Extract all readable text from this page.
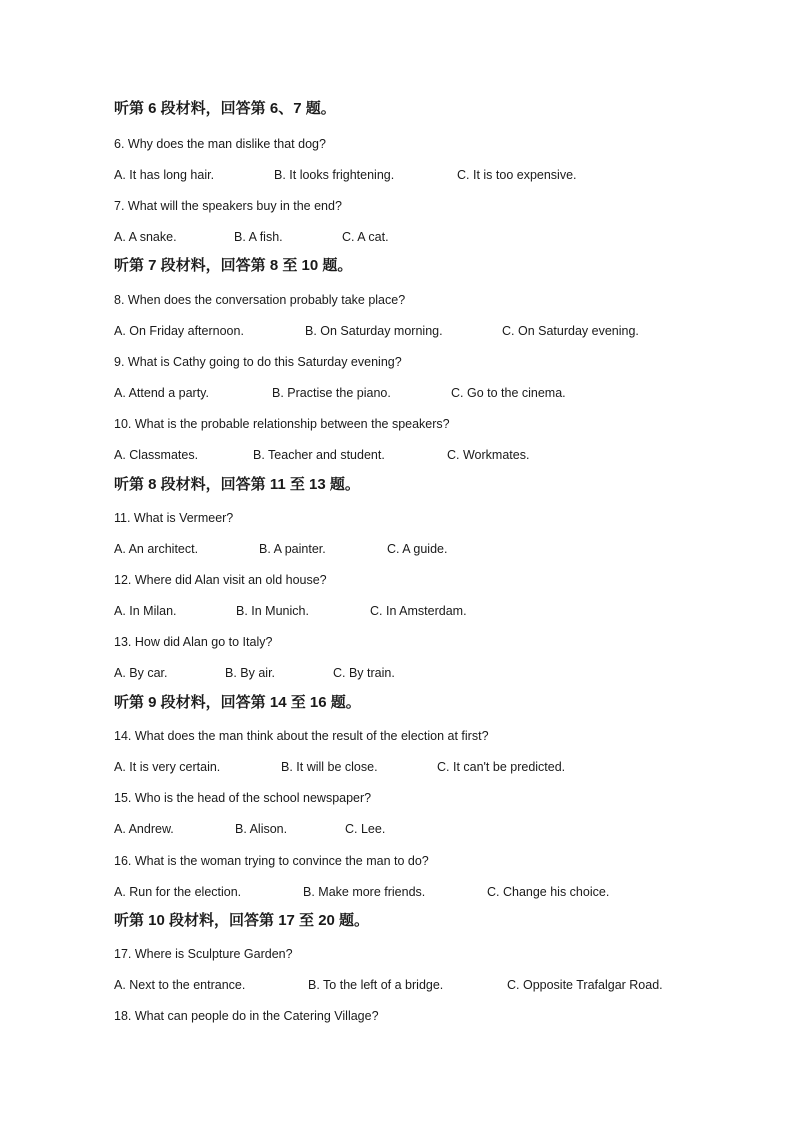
听第 6 段材料，回答第 6、7 题。
6. Why does the man dislike that dog?
A. It has long hair.	B. It looks frightening.	C. It is too expensive.
7. What will the speakers buy in the end?
A. A snake.	B. A fish.	C. A cat.
听第 7 段材料，回答第 8 至 10 题。
8. When does the conversation probably take place?
A. On Friday afternoon.	B. On Saturday morning.	C. On Saturday evening.
9. What is Cathy going to do this Saturday evening?
A. Attend a party.	B. Practise the piano.	C. Go to the cinema.
10. What is the probable relationship between the speakers?
A. Classmates.	B. Teacher and student.	C. Workmates.
听第 8 段材料，回答第 11 至 13 题。
11. What is Vermeer?
A. An architect.	B. A painter.	C. A guide.
12. Where did Alan visit an old house?
A. In Milan.	B. In Munich.	C. In Amsterdam.
13. How did Alan go to Italy?
A. By car.	B. By air.	C. By train.
听第 9 段材料，回答第 14 至 16 题。
14. What does the man think about the result of the election at first?
A. It is very certain.	B. It will be close.	C. It can't be predicted.
15. Who is the head of the school newspaper?
A. Andrew.	B. Alison.	C. Lee.
16. What is the woman trying to convince the man to do?
A. Run for the election.	B. Make more friends.	C. Change his choice.
听第 10 段材料，回答第 17 至 20 题。
17. Where is Sculpture Garden?
A. Next to the entrance.	B. To the left of a bridge.	C. Opposite Trafalgar Road.
18. What can people do in the Catering Village?
